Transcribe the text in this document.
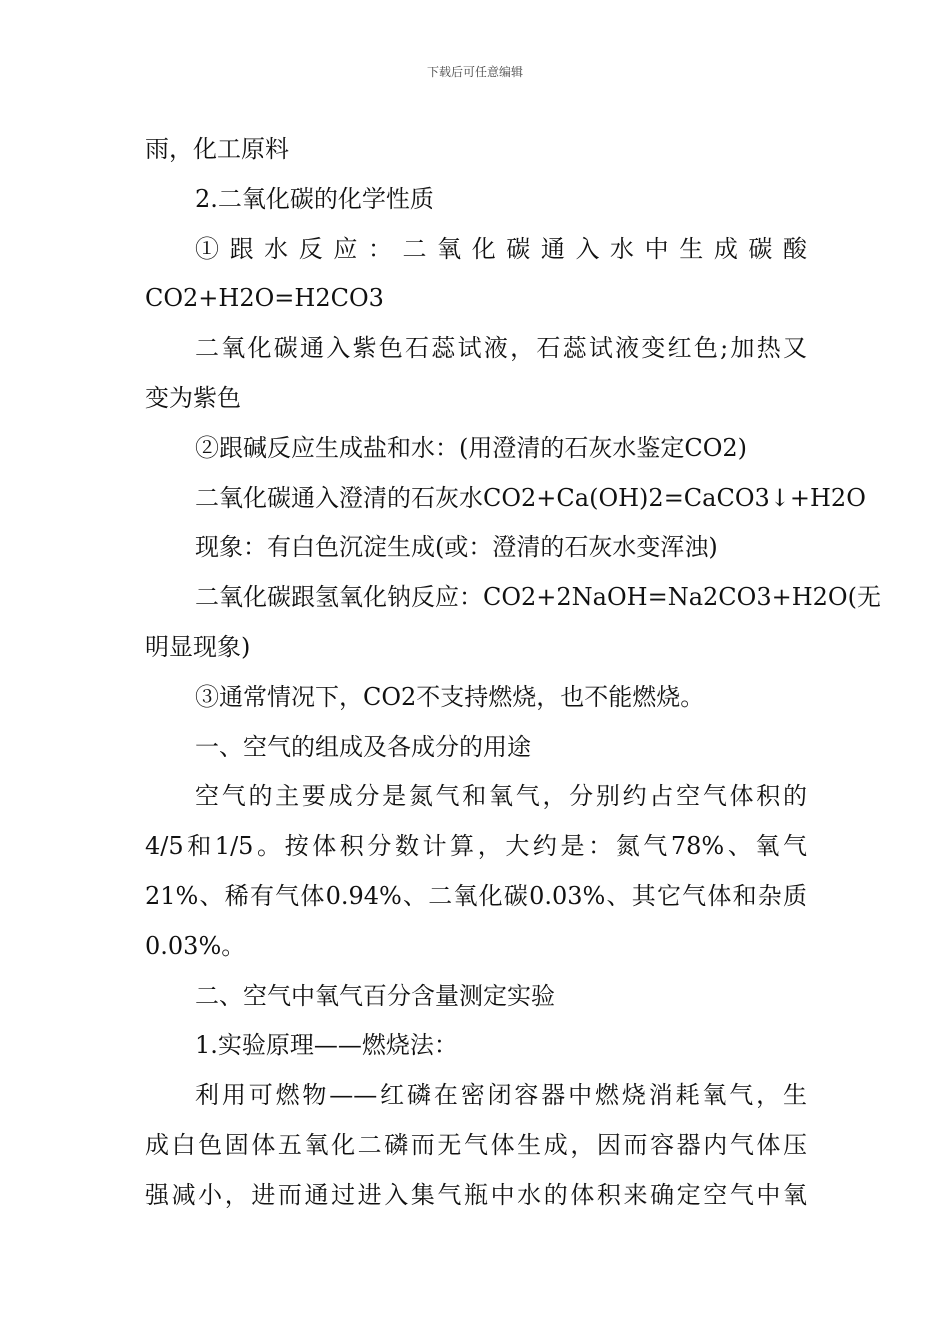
下载后可任意编辑
雨，化工原料
2.二氧化碳的化学性质
①跟水反应：二氧化碳通入水中生成碳酸
CO2+H2O=H2CO3
二氧化碳通入紫色石蕊试液，石蕊试液变红色;加热又
变为紫色
②跟碱反应生成盐和水：(用澄清的石灰水鉴定CO2)
二氧化碳通入澄清的石灰水CO2+Ca(OH)2=CaCO3↓+H2O
现象：有白色沉淀生成(或：澄清的石灰水变浑浊)
二氧化碳跟氢氧化钠反应：CO2+2NaOH=Na2CO3+H2O(无
明显现象)
③通常情况下，CO2不支持燃烧，也不能燃烧。
一、空气的组成及各成分的用途
空气的主要成分是氮气和氧气，分别约占空气体积的
4/5和1/5。按体积分数计算，大约是：氮气78%、氧气
21%、稀有气体0.94%、二氧化碳0.03%、其它气体和杂质
0.03%。
二、空气中氧气百分含量测定实验
1.实验原理——燃烧法：
利用可燃物——红磷在密闭容器中燃烧消耗氧气，生
成白色固体五氧化二磷而无气体生成，因而容器内气体压
强减小，进而通过进入集气瓶中水的体积来确定空气中氧
